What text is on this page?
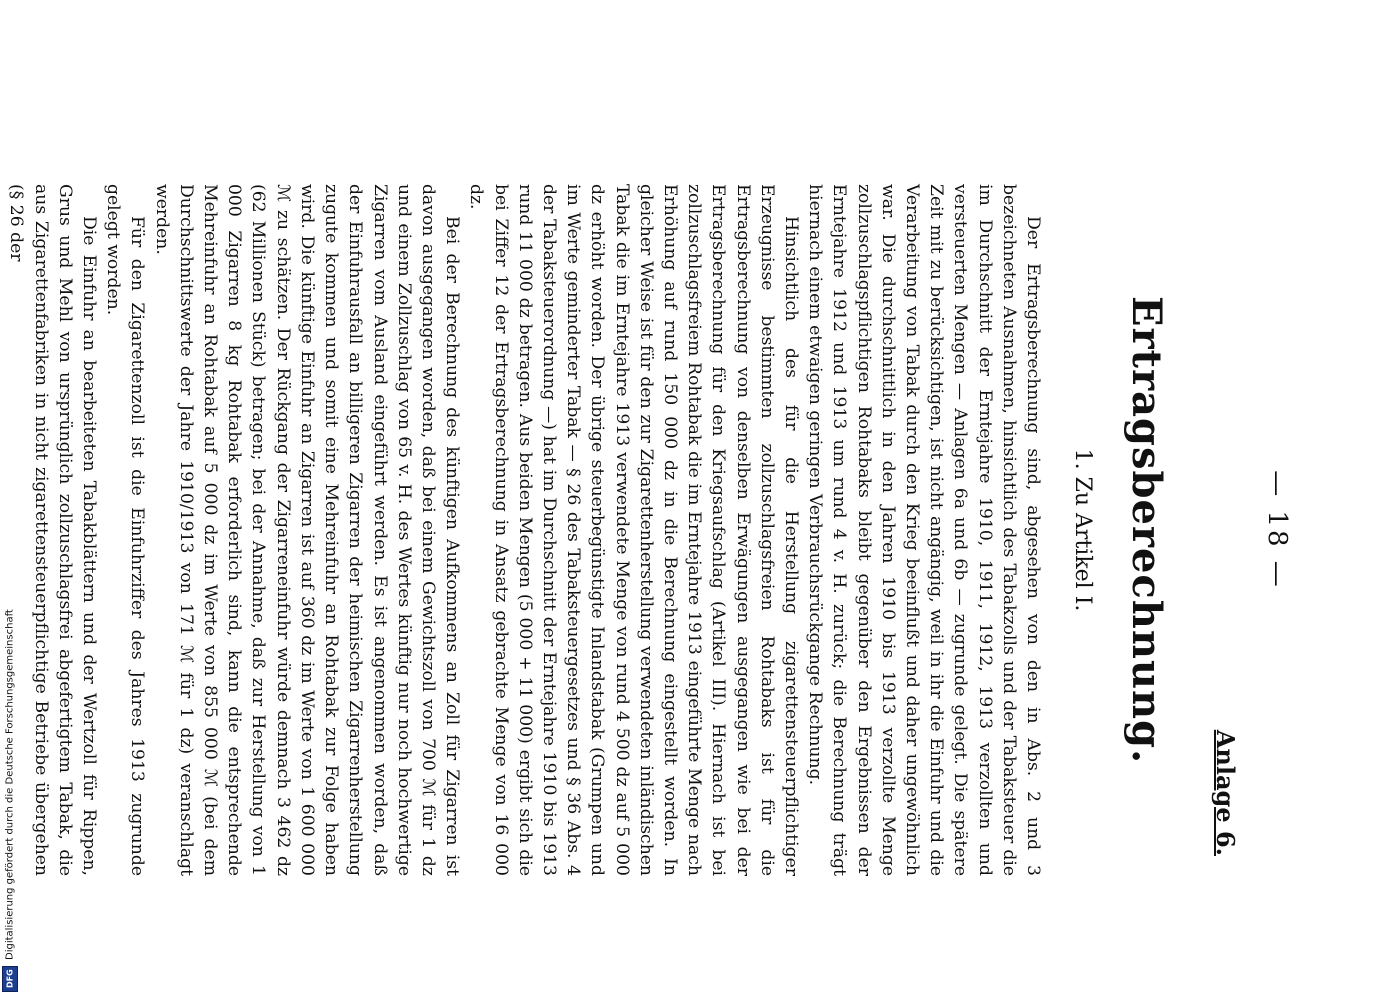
Digitalisierung gefördert durch die Deutsche Forschungsgemeinschaft
DFG
— 18 —
Anlage 6.
Ertragsberechnung.
1. Zu Artikel I.

Der Ertragsberechnung sind, abgesehen von den in Abs. 2 und 3 bezeichneten Ausnahmen, hinsichtlich des Tabakzolls und der Tabaksteuer die im Durchschnitt der Erntejahre 1910, 1911, 1912, 1913 verzollten und versteuerten Mengen — Anlagen 6a und 6b — zugrunde gelegt. Die spätere Zeit mit zu berücksichtigen, ist nicht angängig, weil in ihr die Einfuhr und die Verarbeitung von Tabak durch den Krieg beeinflußt und daher ungewöhnlich war. Die durchschnittlich in den Jahren 1910 bis 1913 verzollte Menge zollzuschlagspflichtigen Rohtabaks bleibt gegenüber den Ergebnissen der Erntejahre 1912 und 1913 um rund 4 v. H. zurück; die Berechnung trägt hiernach einem etwaigen geringen Verbrauchsrückgange Rechnung.

Hinsichtlich des für die Herstellung zigarettensteuerpflichtiger Erzeugnisse bestimmten zollzuschlagsfreien Rohtabaks ist für die Ertragsberechnung von denselben Erwägungen ausgegangen wie bei der Ertragsberechnung für den Kriegsaufschlag (Artikel III). Hiernach ist bei zollzuschlagsfreiem Rohtabak die im Erntejahre 1913 eingeführte Menge nach Erhöhung auf rund 150 000 dz in die Berechnung eingestellt worden. In gleicher Weise ist für den zur Zigarettenherstellung verwendeten inländischen Tabak die im Erntejahre 1913 verwendete Menge von rund 4 500 dz auf 5 000 dz erhöht worden. Der übrige steuerbegünstigte Inlandstabak (Grumpen und im Werte geminderter Tabak — § 26 des Tabaksteuergesetzes und § 36 Abs. 4 der Tabaksteuerordnung —) hat im Durchschnitt der Erntejahre 1910 bis 1913 rund 11 000 dz betragen. Aus beiden Mengen (5 000 + 11 000) ergibt sich die bei Ziffer 12 der Ertragsberechnung in Ansatz gebrachte Menge von 16 000 dz.

Bei der Berechnung des künftigen Aufkommens an Zoll für Zigarren ist davon ausgegangen worden, daß bei einem Gewichtszoll von 700 ℳ für 1 dz und einem Zollzuschlag von 65 v. H. des Wertes künftig nur noch hochwertige Zigarren vom Ausland eingeführt werden. Es ist angenommen worden, daß der Einfuhrausfall an billigeren Zigarren der heimischen Zigarrenherstellung zugute kommen und somit eine Mehreinfuhr an Rohtabak zur Folge haben wird. Die künftige Einfuhr an Zigarren ist auf 360 dz im Werte von 1 600 000 ℳ zu schätzen. Der Rückgang der Zigarreneinfuhr würde demnach 3 462 dz (62 Millionen Stück) betragen; bei der Annahme, daß zur Herstellung von 1 000 Zigarren 8 kg Rohtabak erforderlich sind, kann die entsprechende Mehreinfuhr an Rohtabak auf 5 000 dz im Werte von 855 000 ℳ (bei dem Durchschnittswerte der Jahre 1910/1913 von 171 ℳ für 1 dz) veranschlagt werden.

Für den Zigarettenzoll ist die Einfuhrziffer des Jahres 1913 zugrunde gelegt worden.

Die Einfuhr an bearbeiteten Tabakblättern und der Wertzoll für Rippen, Grus und Mehl von ursprünglich zollzuschlagsfrei abgefertigtem Tabak, die aus Zigarettenfabriken in nicht zigarettensteuerpflichtige Betriebe übergehen (§ 26 der
